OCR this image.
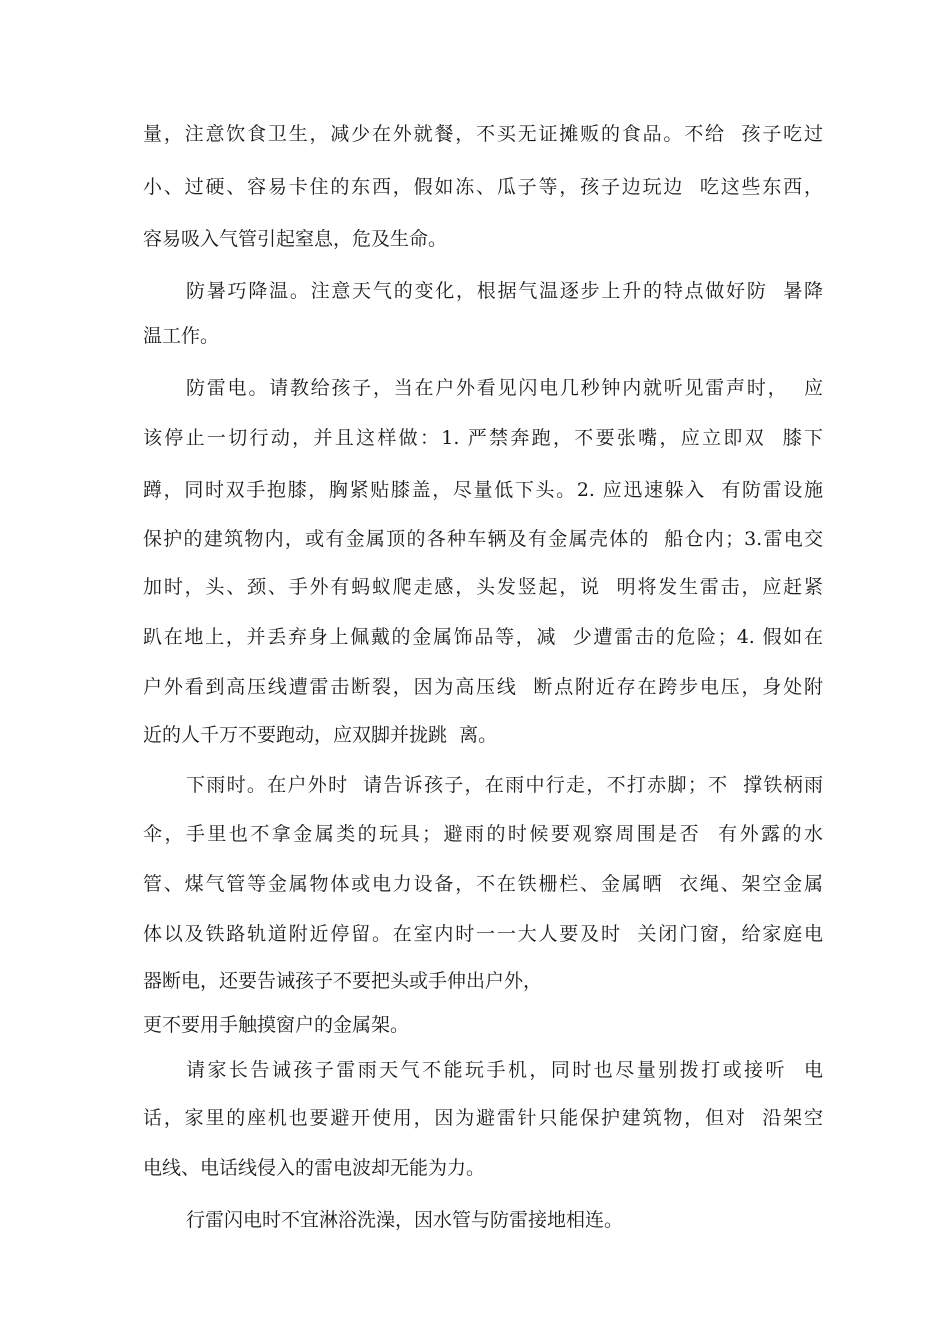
量，注意饮食卫生，减少在外就餐，不买无证摊贩的食品。不给  孩子吃过
小、过硬、容易卡住的东西，假如冻、瓜子等，孩子边玩边  吃这些东西，
容易吸入气管引起窒息，危及生命。
防暑巧降温。注意天气的变化，根据气温逐步上升的特点做好防  暑降
温工作。
防雷电。请教给孩子，当在户外看见闪电几秒钟内就听见雷声时，  应
该停止一切行动，并且这样做：1. 严禁奔跑，不要张嘴，应立即双  膝下
蹲，同时双手抱膝，胸紧贴膝盖，尽量低下头。2. 应迅速躲入  有防雷设施
保护的建筑物内，或有金属顶的各种车辆及有金属壳体的  船仓内；3.雷电交
加时，头、颈、手外有蚂蚁爬走感，头发竖起，说  明将发生雷击，应赶紧
趴在地上，并丢弃身上佩戴的金属饰品等，减  少遭雷击的危险；4. 假如在
户外看到高压线遭雷击断裂，因为高压线  断点附近存在跨步电压，身处附
近的人千万不要跑动，应双脚并拢跳  离。
下雨时。在户外时  请告诉孩子，在雨中行走，不打赤脚；不  撑铁柄雨
伞，手里也不拿金属类的玩具；避雨的时候要观察周围是否  有外露的水
管、煤气管等金属物体或电力设备，不在铁栅栏、金属晒  衣绳、架空金属
体以及铁路轨道附近停留。在室内时一一大人要及时  关闭门窗，给家庭电
器断电，还要告诫孩子不要把头或手伸出户外，
更不要用手触摸窗户的金属架。
请家长告诫孩子雷雨天气不能玩手机，同时也尽量别拨打或接听  电
话，家里的座机也要避开使用，因为避雷针只能保护建筑物，但对  沿架空
电线、电话线侵入的雷电波却无能为力。
行雷闪电时不宜淋浴洗澡，因水管与防雷接地相连。
